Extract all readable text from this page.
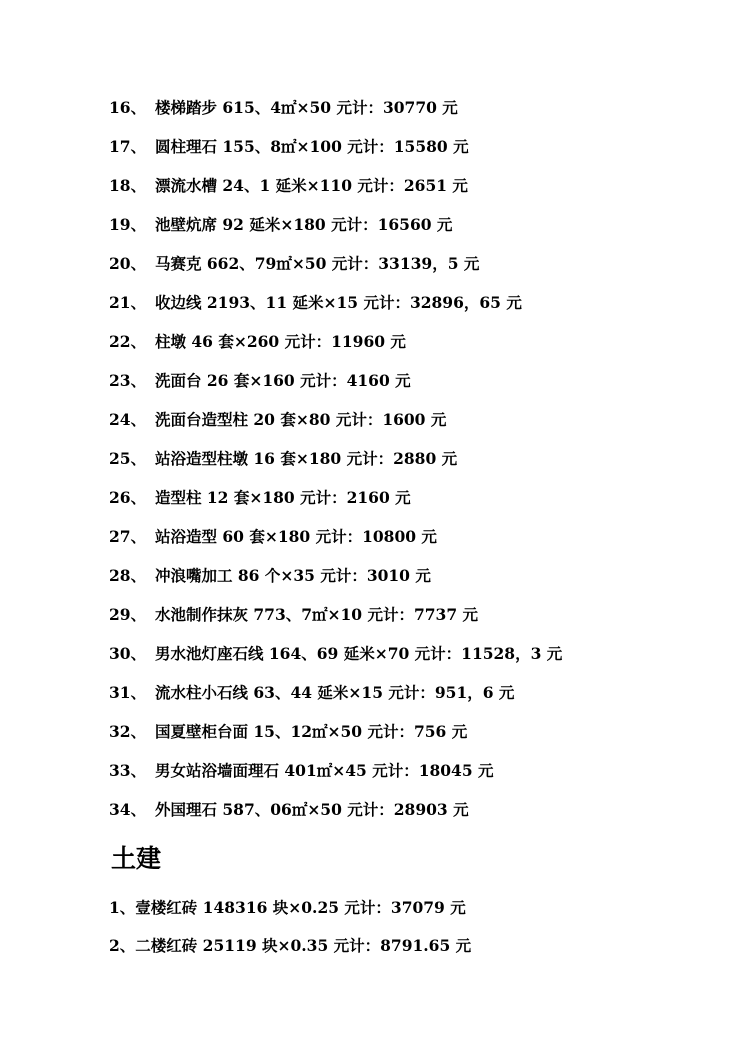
16、 楼梯踏步 615、4㎡×50 元计：30770 元
17、 圆柱理石 155、8㎡×100 元计：15580 元
18、 漂流水槽 24、1 延米×110 元计：2651 元
19、 池壁炕席 92 延米×180 元计：16560 元
20、 马赛克 662、79㎡×50 元计：33139，5 元
21、 收边线 2193、11 延米×15 元计：32896，65 元
22、 柱墩 46 套×260 元计：11960 元
23、 洗面台 26 套×160 元计：4160 元
24、 洗面台造型柱 20 套×80 元计：1600 元
25、 站浴造型柱墩 16 套×180 元计：2880 元
26、 造型柱 12 套×180 元计：2160 元
27、 站浴造型 60 套×180 元计：10800 元
28、 冲浪嘴加工 86 个×35 元计：3010 元
29、 水池制作抹灰 773、7㎡×10 元计：7737 元
30、 男水池灯座石线 164、69 延米×70 元计：11528，3 元
31、 流水柱小石线 63、44 延米×15 元计：951，6 元
32、 国夏壁柜台面 15、12㎡×50 元计：756 元
33、 男女站浴墙面理石 401㎡×45 元计：18045 元
34、 外国理石 587、06㎡×50 元计：28903 元
土建
1、壹楼红砖 148316 块×0.25 元计：37079 元
2、二楼红砖 25119 块×0.35 元计：8791.65 元
